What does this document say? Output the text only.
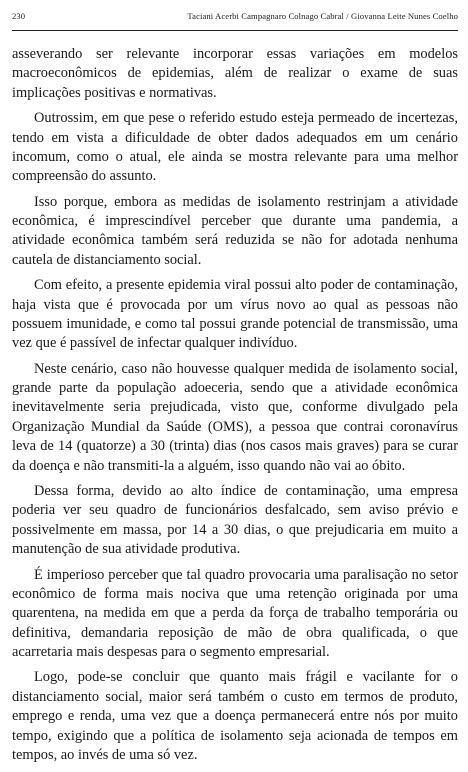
230	Taciani Acerbi Campagnaro Colnago Cabral / Giovanna Leite Nunes Coelho

asseverando ser relevante incorporar essas variações em modelos macroeconômicos de epidemias, além de realizar o exame de suas implicações positivas e normativas.

Outrossim, em que pese o referido estudo esteja permeado de incertezas, tendo em vista a dificuldade de obter dados adequados em um cenário incomum, como o atual, ele ainda se mostra relevante para uma melhor compreensão do assunto.

Isso porque, embora as medidas de isolamento restrinjam a atividade econômica, é imprescindível perceber que durante uma pandemia, a atividade econômica também será reduzida se não for adotada nenhuma cautela de distanciamento social.

Com efeito, a presente epidemia viral possui alto poder de contaminação, haja vista que é provocada por um vírus novo ao qual as pessoas não possuem imunidade, e como tal possui grande potencial de transmissão, uma vez que é passível de infectar qualquer indivíduo.

Neste cenário, caso não houvesse qualquer medida de isolamento social, grande parte da população adoeceria, sendo que a atividade econômica inevitavelmente seria prejudicada, visto que, conforme divulgado pela Organização Mundial da Saúde (OMS), a pessoa que contrai coronavírus leva de 14 (quatorze) a 30 (trinta) dias (nos casos mais graves) para se curar da doença e não transmiti-la a alguém, isso quando não vai ao óbito.

Dessa forma, devido ao alto índice de contaminação, uma empresa poderia ver seu quadro de funcionários desfalcado, sem aviso prévio e possivelmente em massa, por 14 a 30 dias, o que prejudicaria em muito a manutenção de sua atividade produtiva.

É imperioso perceber que tal quadro provocaria uma paralisação no setor econômico de forma mais nociva que uma retenção originada por uma quarentena, na medida em que a perda da força de trabalho temporária ou definitiva, demandaria reposição de mão de obra qualificada, o que acarretaria mais despesas para o segmento empresarial.

Logo, pode-se concluir que quanto mais frágil e vacilante for o distanciamento social, maior será também o custo em termos de produto, emprego e renda, uma vez que a doença permanecerá entre nós por muito tempo, exigindo que a política de isolamento seja acionada de tempos em tempos, ao invés de uma só vez.
